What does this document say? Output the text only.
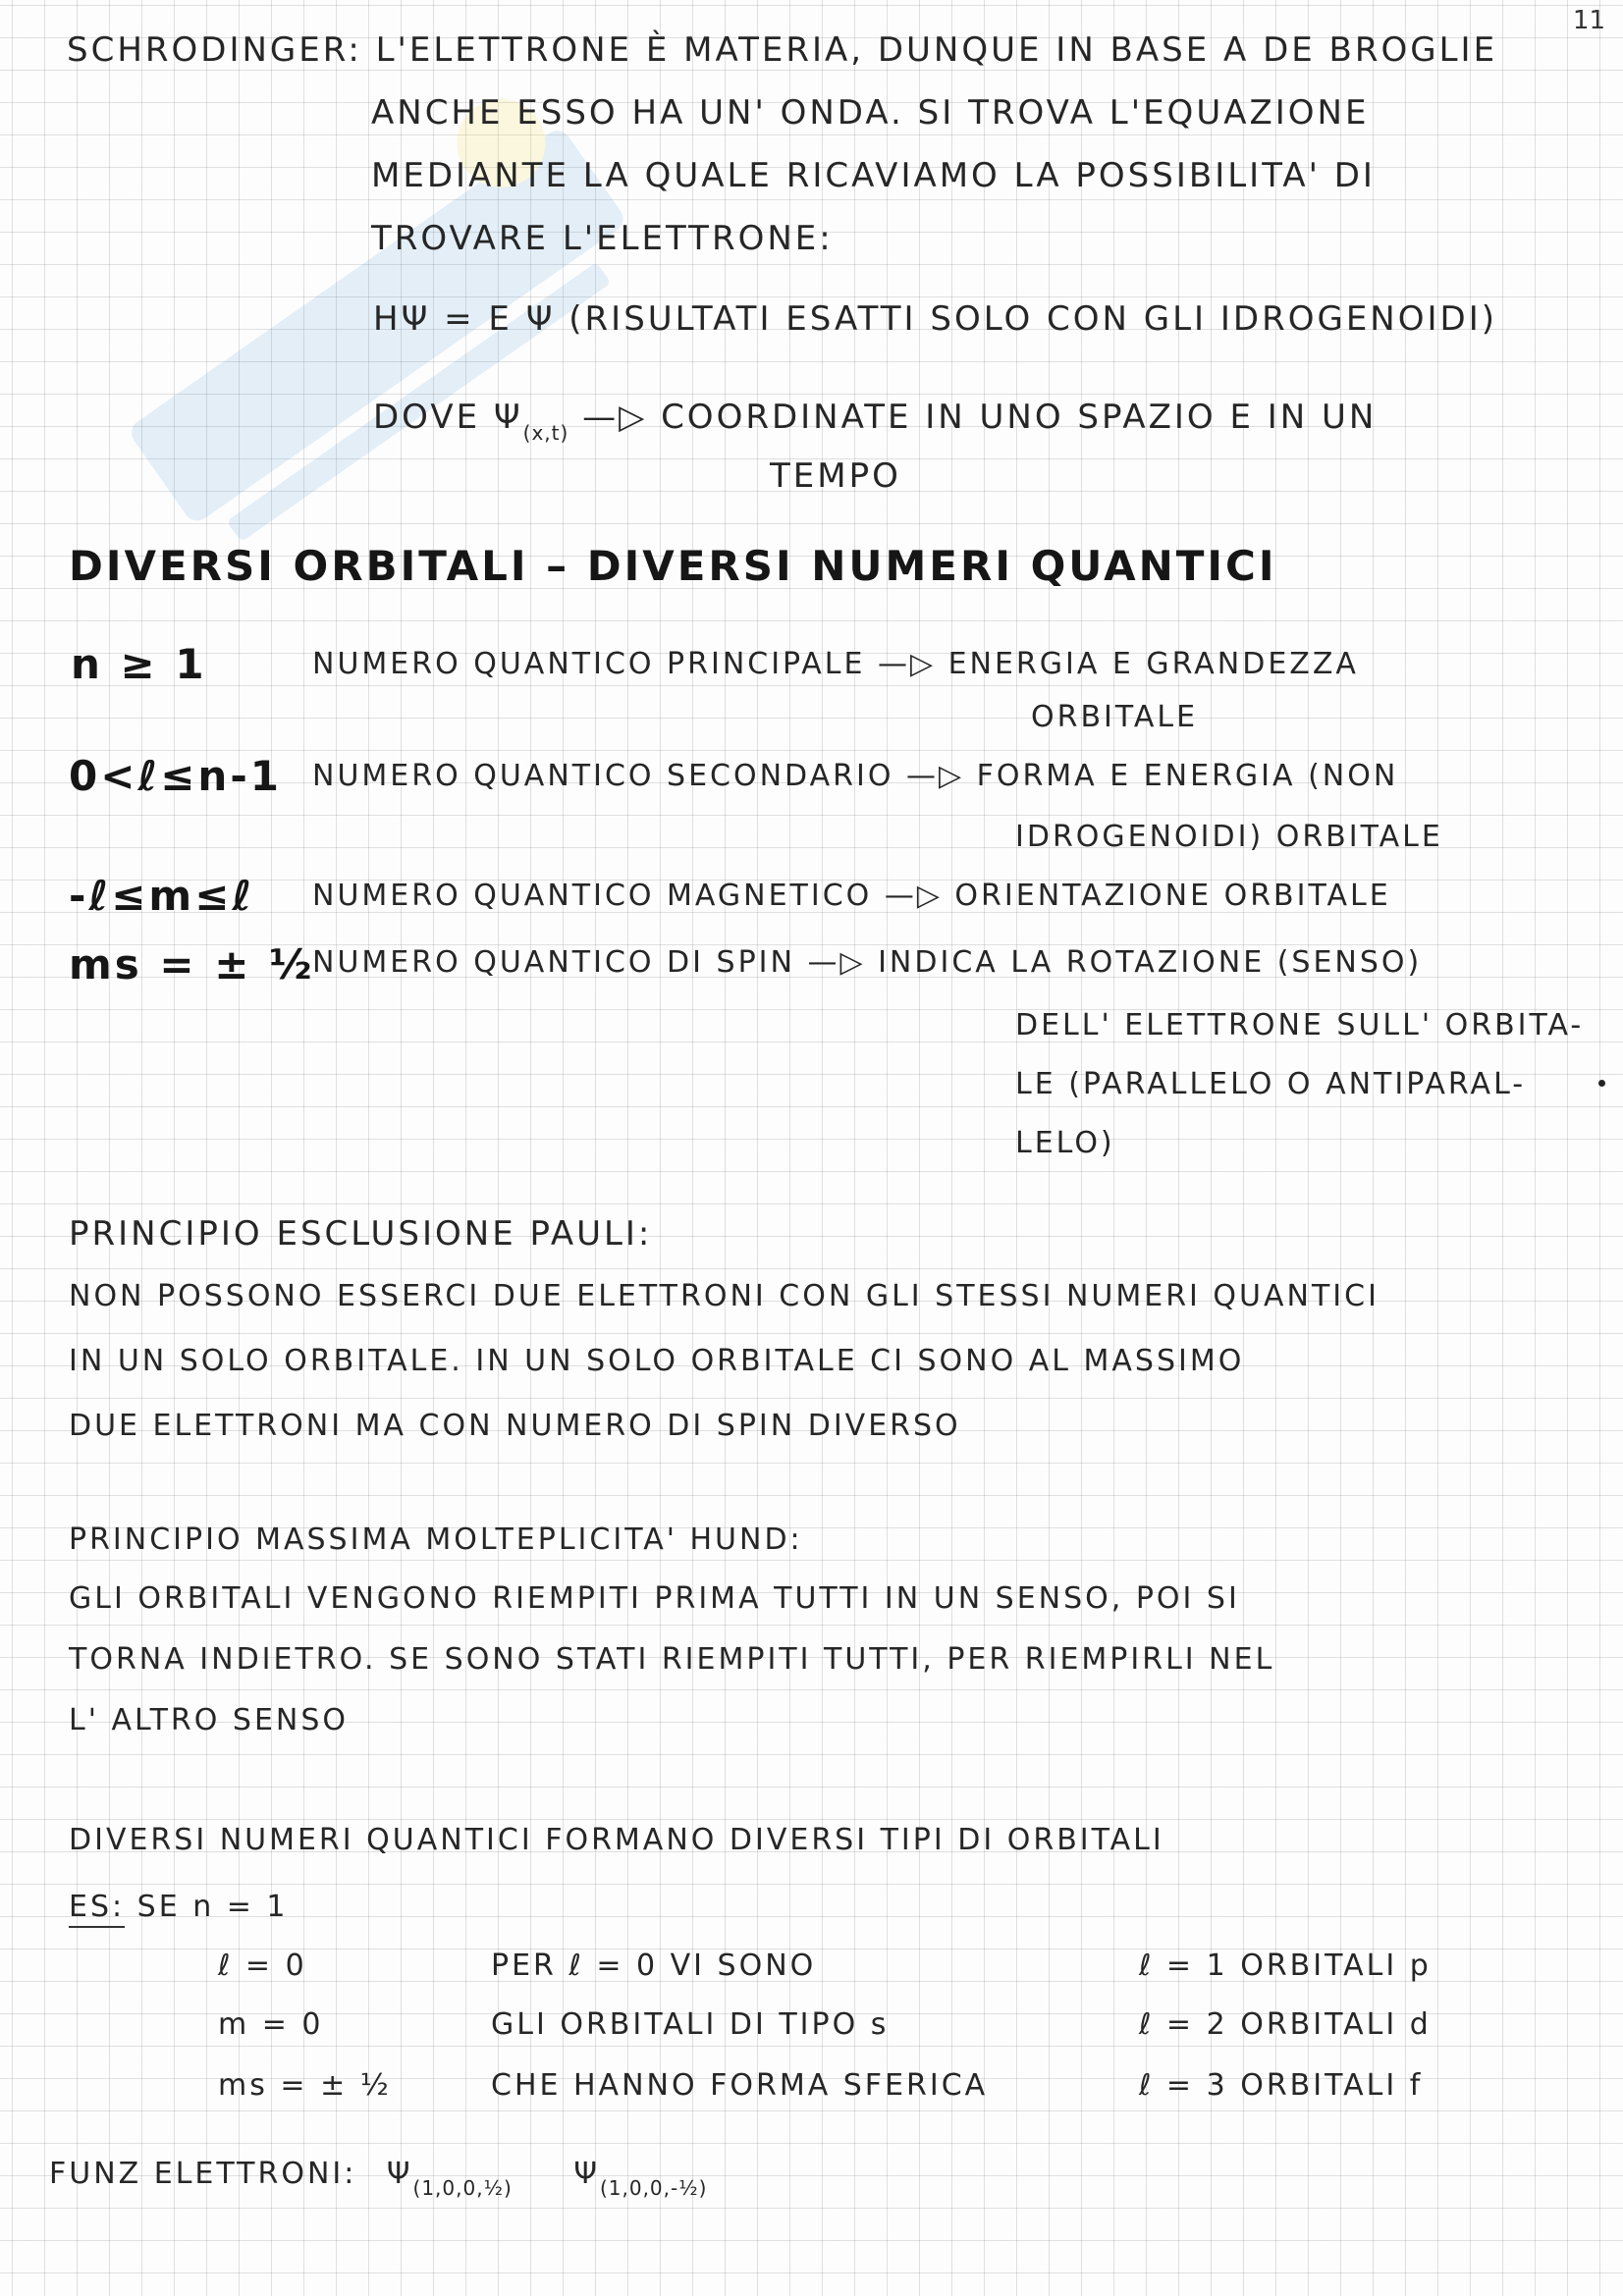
11
SCHRODINGER: L'ELETTRONE È MATERIA, DUNQUE IN BASE A DE BROGLIE
ANCHE ESSO HA UN' ONDA. SI TROVA L'EQUAZIONE
MEDIANTE LA QUALE RICAVIAMO LA POSSIBILITA' DI
TROVARE L'ELETTRONE:
HΨ = E Ψ (RISULTATI ESATTI SOLO CON GLI IDROGENOIDI)
DOVE $\Psi_{(x,t)}$ —▷ COORDINATE IN UNO SPAZIO E IN UN
TEMPO
DIVERSI ORBITALI – DIVERSI NUMERI QUANTICI
n ≥ 1	NUMERO QUANTICO PRINCIPALE —▷ ENERGIA E GRANDEZZA
ORBITALE
0<ℓ≤n-1 NUMERO QUANTICO SECONDARIO —▷ FORMA E ENERGIA (NON
IDROGENOIDI) ORBITALE
-ℓ≤m≤ℓ NUMERO QUANTICO MAGNETICO —▷ ORIENTAZIONE ORBITALE
ms = ± ½
NUMERO QUANTICO DI SPIN —▷ INDICA LA ROTAZIONE (SENSO)
DELL' ELETTRONE SULL' ORBITA-
LE (PARALLELO O ANTIPARAL-
LELO)
PRINCIPIO ESCLUSIONE PAULI:
NON POSSONO ESSERCI DUE ELETTRONI CON GLI STESSI NUMERI QUANTICI
IN UN SOLO ORBITALE. IN UN SOLO ORBITALE CI SONO AL MASSIMO
DUE ELETTRONI MA CON NUMERO DI SPIN DIVERSO
PRINCIPIO MASSIMA MOLTEPLICITA' HUND:
GLI ORBITALI VENGONO RIEMPITI PRIMA TUTTI IN UN SENSO, POI SI
TORNA INDIETRO. SE SONO STATI RIEMPITI TUTTI, PER RIEMPIRLI NEL
L' ALTRO SENSO
DIVERSI NUMERI QUANTICI FORMANO DIVERSI TIPI DI ORBITALI
ES: SE n = 1
ℓ = 0
m = 0
ms = ± ½
PER ℓ = 0 VI SONO
GLI ORBITALI DI TIPO s
CHE HANNO FORMA SFERICA
ℓ = 1 ORBITALI p
ℓ = 2 ORBITALI d
ℓ = 3 ORBITALI f
FUNZ ELETTRONI: $\Psi_{(1,0,0,\frac{1}{2})}$ $\Psi_{(1,0,0,-\frac{1}{2})}$
